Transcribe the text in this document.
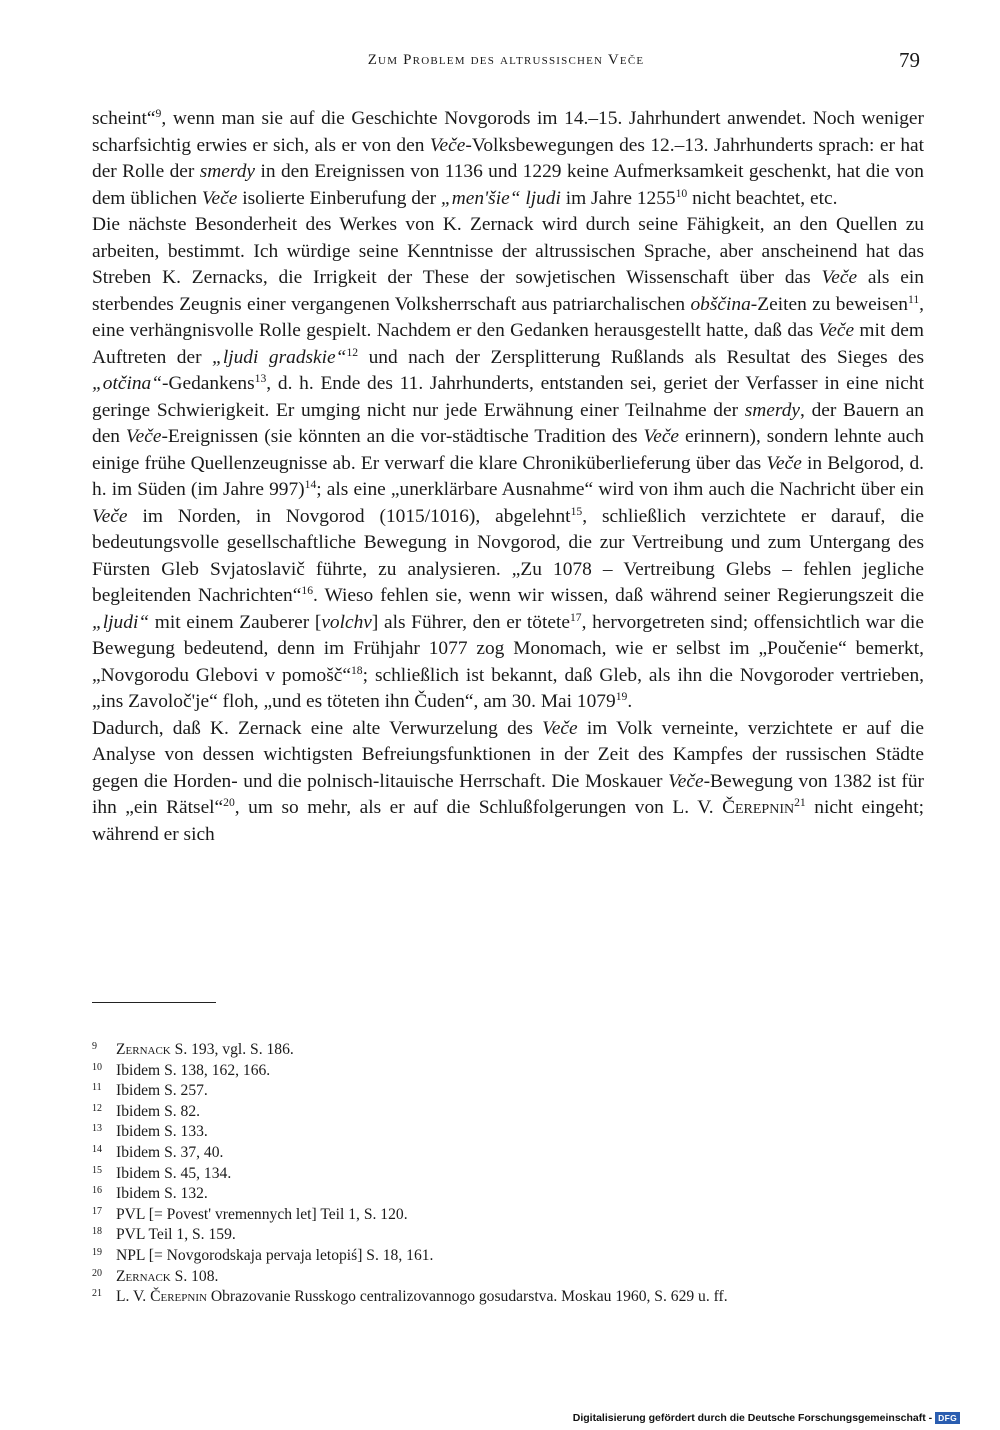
Zum Problem des altrussischen Veče	79

scheint“$^9$, wenn man sie auf die Geschichte Novgorods im 14.–15. Jahrhundert anwendet. Noch weniger scharfsichtig erwies er sich, als er von den Veče-Volksbewegungen des 12.–13. Jahrhunderts sprach: er hat der Rolle der smerdy in den Ereignissen von 1136 und 1229 keine Aufmerksamkeit geschenkt, hat die von dem üblichen Veče isolierte Einberufung der „men'šie“ ljudi im Jahre 1255$^{10}$ nicht beachtet, etc.

Die nächste Besonderheit des Werkes von K. Zernack wird durch seine Fähigkeit, an den Quellen zu arbeiten, bestimmt. Ich würdige seine Kenntnisse der altrussischen Sprache, aber anscheinend hat das Streben K. Zernacks, die Irrigkeit der These der sowjetischen Wissenschaft über das Veče als ein sterbendes Zeugnis einer vergangenen Volksherrschaft aus patriarchalischen obščina-Zeiten zu beweisen$^{11}$, eine verhängnisvolle Rolle gespielt. Nachdem er den Gedanken herausgestellt hatte, daß das Veče mit dem Auftreten der „ljudi gradskie“$^{12}$ und nach der Zersplitterung Rußlands als Resultat des Sieges des „otčina“-Gedankens$^{13}$, d. h. Ende des 11. Jahrhunderts, entstanden sei, geriet der Verfasser in eine nicht geringe Schwierigkeit. Er umging nicht nur jede Erwähnung einer Teilnahme der smerdy, der Bauern an den Veče-Ereignissen (sie könnten an die vor-städtische Tradition des Veče erinnern), sondern lehnte auch einige frühe Quellenzeugnisse ab. Er verwarf die klare Chroniküberlieferung über das Veče in Belgorod, d. h. im Süden (im Jahre 997)$^{14}$; als eine „unerklärbare Ausnahme“ wird von ihm auch die Nachricht über ein Veče im Norden, in Novgorod (1015/1016), abgelehnt$^{15}$, schließlich verzichtete er darauf, die bedeutungsvolle gesellschaftliche Bewegung in Novgorod, die zur Vertreibung und zum Untergang des Fürsten Gleb Svjatoslavič führte, zu analysieren. „Zu 1078 – Vertreibung Glebs – fehlen jegliche begleitenden Nachrichten“$^{16}$. Wieso fehlen sie, wenn wir wissen, daß während seiner Regierungszeit die „ljudi“ mit einem Zauberer [volchv] als Führer, den er tötete$^{17}$, hervorgetreten sind; offensichtlich war die Bewegung bedeutend, denn im Frühjahr 1077 zog Monomach, wie er selbst im „Poučenie“ bemerkt, „Novgorodu Glebovi v pomošč“$^{18}$; schließlich ist bekannt, daß Gleb, als ihn die Novgoroder vertrieben, „ins Zavoloč'je“ floh, „und es töteten ihn Čuden“, am 30. Mai 1079$^{19}$.

Dadurch, daß K. Zernack eine alte Verwurzelung des Veče im Volk verneinte, verzichtete er auf die Analyse von dessen wichtigsten Befreiungsfunktionen in der Zeit des Kampfes der russischen Städte gegen die Horden- und die polnisch-litauische Herrschaft. Die Moskauer Veče-Bewegung von 1382 ist für ihn „ein Rätsel“$^{20}$, um so mehr, als er auf die Schlußfolgerungen von L. V. Čerepnin$^{21}$ nicht eingeht; während er sich

9 Zernack S. 193, vgl. S. 186.
10 Ibidem S. 138, 162, 166.
11 Ibidem S. 257.
12 Ibidem S. 82.
13 Ibidem S. 133.
14 Ibidem S. 37, 40.
15 Ibidem S. 45, 134.
16 Ibidem S. 132.
17 PVL [= Povest' vremennych let] Teil 1, S. 120.
18 PVL Teil 1, S. 159.
19 NPL [= Novgorodskaja pervaja letopiś] S. 18, 161.
20 Zernack S. 108.
21 L. V. Čerepnin Obrazovanie Russkogo centralizovannogo gosudarstva. Moskau 1960, S. 629 u. ff.
Digitalisierung gefördert durch die Deutsche Forschungsgemeinschaft - DFG
